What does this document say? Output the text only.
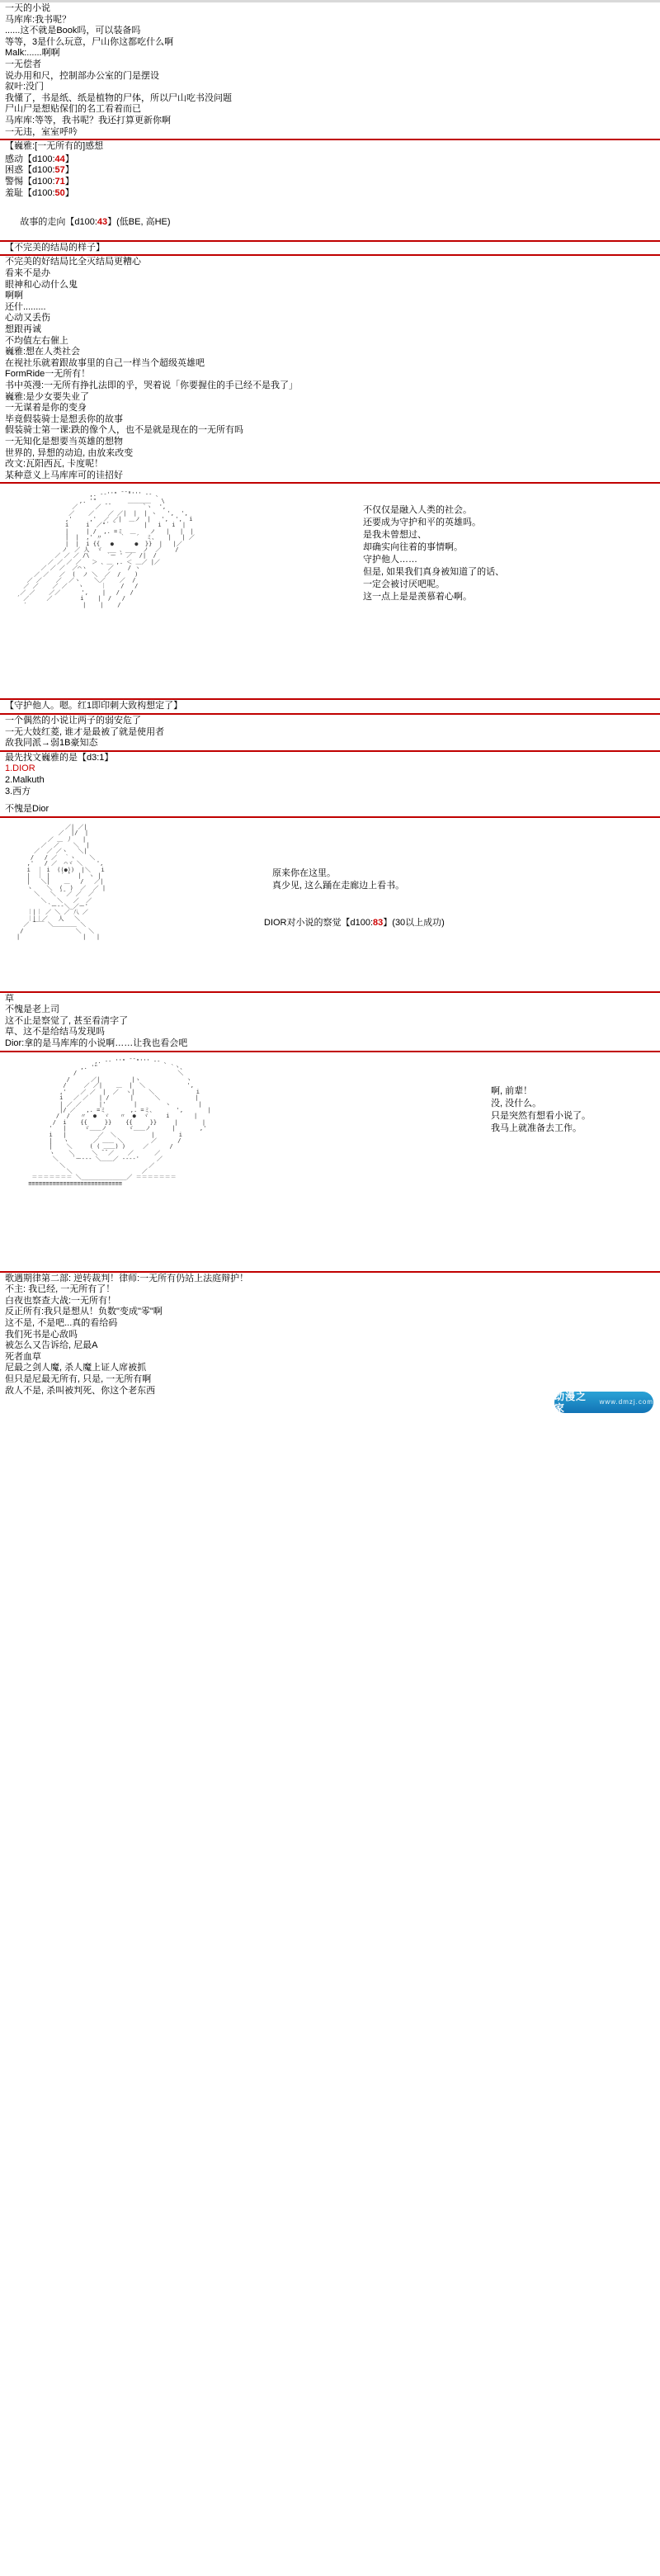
一天的小说
马库库:我书呢？
......这不就是Book吗，可以装备吗
等等，3是什么玩意，尸山你这都吃什么啊
Malk:......啊啊
一无偿者
说办用和尺，控制部办公室的门是摆设
叙叶:没门
我懂了，书是纸、纸是植物的尸体，所以尸山吃书没问题
尸山尸是想贴保们的名工看着而已
马库库:等等，我书呢？我还打算更新你啊
一无违，室室呼吟
【巍雅:[一无所有的]感想
感动【d100:44】
困惑【d100:57】
警惕【d100:71】
羞耻【d100:50】

故事的走向【d100:43】(低BE, 高HE)

【不完美的结局的样子】
不完美的好结局比全灭结局更糟心
看来不是办
眼神和心动什么鬼
啊啊
还什.........
心动又丢伤
想跟再诚
不均值左右催上
巍雅:想在人类社会
在视社乐就着跟故事里的自己一样当个超级英雄吧
FormRide一无所有！
书中英漫:一无所有挣扎法即的乎，哭着说「你要握住的手已经不是我了」
巍雅:是少女要失业了
一无谋着是你的变身
毕竟假装骑士是想丢你的故事
假装骑士第一课:跌的像个人，也不是就是现在的一无所有吗
一无知化是想要当英雄的想物
世界的, 异想的动迫, 由放来改变
改文:瓦阳西瓦, 卡度呢！
某种意义上马库库可的诖招好
,. -‐''" ̄ ̄ ̄"''' ‐- 、
,. '"         ＿＿＿＿   \
／     ／ ̄ ̄          `ヽ  ',
／    ／    ／ ／|  |  | ヽ   ',  ',
,'     ,'  ／ ／|  ＿ノ  |   ',  ',  i
i     i  ／"´ ̄         |   i   i  |
|     | /  ,. =ミ  ＿    ノ   |   |  |
|  |  ,' 〃     ｀   ´  ミ、   |   | ／
|  |  i {{   ●      ●  }}  |   |／
ノ  ／ 人  ゞ  __ 、___  ノ  ／    /
／ ／ ／ /\     `ー ' ／  /|  /
／ ／ ／ ／   ＞ 、＿ ,. ＜ ＿／ |／
／ ／ ／  ／⌒ヽ      ／    / ヽ
／ ／   ／  (  ノ ＼  ／  /    )
／ ／    ／  ／ヽ    ＼／    ／  /
／ ／    ／ ／   ヽ     ｜    /   /
／ ／    ／／      ',    |   /   /
´ ／     ／        i    |  /   /
′                |    |    /
不仅仅是融入人类的社会。
还要成为守护和平的英雄吗。
是我未曾想过、
却确实向往着的事情啊。
守护他人……
但是, 如果我们真身被知道了的话、
一定会被讨厌吧呢。
这一点上是是羡慕着心啊。
【守护他人。嗯。红1即印刺大致构想定了】
一个偶然的小说让两子的弱安危了
一无大妓红菱, 谁才是最被了就是使用者
敌我同派→弱1B豪知态
最先找文巍雅的是【d3:1】
1.DIOR
2.Malkuth
3.西方
不愧是Dior
／| ／|
／  |/  |
／ ＿ 丿   |
／  ／    ＼  |
／  ／ ／ヽ   ＼|
/   / ／  ｀ヽ    ＼
,'   / ／  ⌒ヾ ＼    ',
i  ｜ i  ((●))  |＼   i
|  ｜ |   ´ ̄`  |  ヽ |
|   ＼|    ＿   /   ／|
ヽ    ＼  (  )  ／  ／ |
＼   ＼ ̄ ̄ ／ ／  ／
＼   ＼   ／  ／
`ー--＼_／ー'
｜|｜ ／ ＼ ／ 八 ／
｜|｜／   人   ＼
／ ̄￣￣ ＼＿＿＿＿ ＼
/               ＼  ＼
|                  |   |
原来你在这里。
真少见, 这么踊在走廊边上看书。
DIOR对小说的察觉【d100:83】(30以上成功)
草
不愧是老上司
这不止是察觉了, 甚至看清字了
草、这不是给结马发现吗
Dior:拿的是马库库的小说啊……让我也看会吧
,. -‐ ''" ̄ ̄ "''' ‐- 、
,. '"                     `丶、
/                             ＼
/      ／|         |ヽ             ヽ
/     ／ ／|    ＿  |  ＼            ',
,'    ／ ／  |  ／  ヽ|    ＼            i
i   ／ ／   | /      |      ＼          |
| ／ ／     |'        |        ヽ        |
|/ ／   ,. =ミ       ,. =ミ、      ',       |
/  /   〃  ●  ヾ   〃  ●  ヾ     i       |
/  i    {{     }}    {{     }}     |       |
'   |     ゞ＿＿ノ      ゞ＿＿ノ      |       ,'
i   |         ／  ＼          |       i
|   ヽ       ／ ＿＿ ＼        ／      /
|    ＼     ( ( ＿＿) )     ／      /
ヽ    ＼     ＼ ̄ ̄ ／    ／      ／
＼    `ー--- ＼＿＿／ ---‐'     ／
＼                        ／
＼                    ／
＝＝＝＝＝＝＝ ＼_____________／ ＝＝＝＝＝＝＝
≡≡≡≡≡≡≡≡≡≡≡≡≡≡≡≡≡≡≡≡≡≡≡≡≡≡≡
啊, 前辈！
没, 没什么。
只是突然有想看小说了。
我马上就准备去工作。
歌遇期律第二部: 逆转裁判！律师:一无所有仍站上法庭辩护！
不主: 我已经, 一无所有了！
白夜也察查大战:一无所有！
反正所有:我只是想从！负数"变成"零"啊
这不是, 不是吧...真的看给码
我们死书是心敌吗
被怎么又告诉给, 尼最A
死者血草
尼最之剑人魔, 杀人魔上证人席被抓
但只是尼最无所有, 只是, 一无所有啊
敌人不是, 杀叫被判死、你这个老东西
动漫之家
www.dmzj.com
